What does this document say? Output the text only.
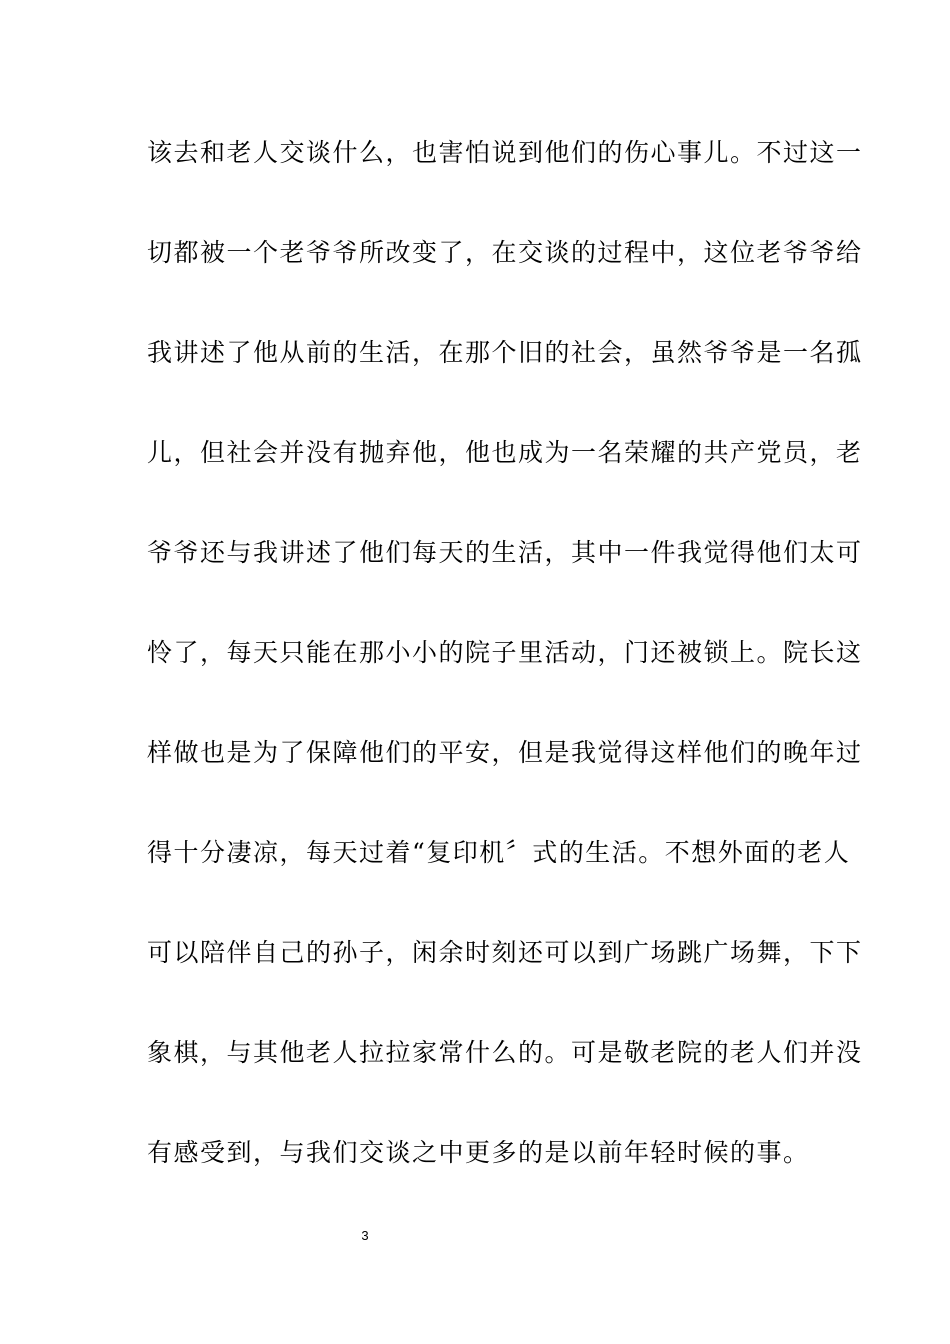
该去和老人交谈什么，也害怕说到他们的伤心事儿。不过这一
切都被一个老爷爷所改变了，在交谈的过程中，这位老爷爷给
我讲述了他从前的生活，在那个旧的社会，虽然爷爷是一名孤
儿，但社会并没有抛弃他，他也成为一名荣耀的共产党员，老
爷爷还与我讲述了他们每天的生活，其中一件我觉得他们太可
怜了，每天只能在那小小的院子里活动，门还被锁上。院长这
样做也是为了保障他们的平安，但是我觉得这样他们的晚年过
得十分凄凉，每天过着“复印机〞式的生活。不想外面的老人
可以陪伴自己的孙子，闲余时刻还可以到广场跳广场舞，下下
象棋，与其他老人拉拉家常什么的。可是敬老院的老人们并没
有感受到，与我们交谈之中更多的是以前年轻时候的事。
3
